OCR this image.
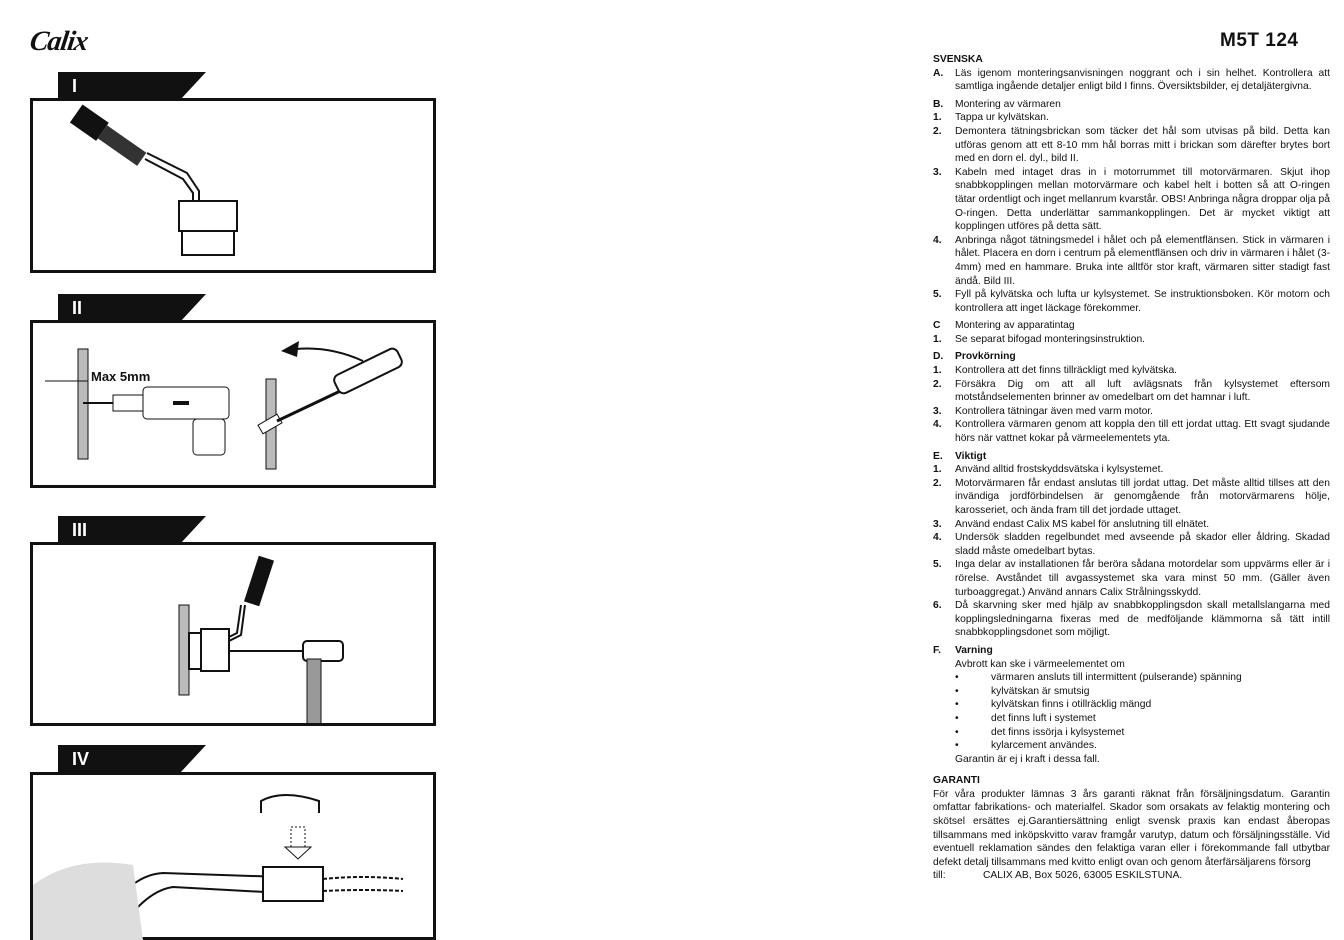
Calix
I
II
Max 5mm
III
IV
M5T 124
SVENSKA
A.	Läs igenom monteringsanvisningen noggrant och i sin helhet. Kontrollera att samtliga ingående detaljer enligt bild I finns. Översiktsbilder, ej detaljätergivna.
B.	Montering av värmaren
1.	Tappa ur kylvätskan.
2.	Demontera tätningsbrickan som täcker det hål som utvisas på bild. Detta kan utföras genom att ett 8-10 mm hål borras mitt i brickan som därefter brytes bort med en dorn el. dyl., bild II.
3.	Kabeln med intaget dras in i motorrummet till motorvärmaren. Skjut ihop snabbkopplingen mellan motorvärmare och kabel helt i botten så att O-ringen tätar ordentligt och inget mellanrum kvarstår. OBS! Anbringa några droppar olja på O-ringen. Detta underlättar sammankopplingen. Det är mycket viktigt att kopplingen utföres på detta sätt.
4.	Anbringa något tätningsmedel i hålet och på elementflänsen. Stick in värmaren i hålet. Placera en dorn i centrum på elementflänsen och driv in värmaren i hålet (3-4mm) med en hammare. Bruka inte alltför stor kraft, värmaren sitter stadigt fast ändå. Bild III.
5.	Fyll på kylvätska och lufta ur kylsystemet. Se instruktionsboken. Kör motorn och kontrollera att inget läckage förekommer.
C	Montering av apparatintag
1.	Se separat bifogad monteringsinstruktion.
D.	Provkörning
1.	Kontrollera att det finns tillräckligt med kylvätska.
2.	Försäkra Dig om att all luft avlägsnats från kylsystemet eftersom motståndselementen brinner av omedelbart om det hamnar i luft.
3.	Kontrollera tätningar även med varm motor.
4.	Kontrollera värmaren genom att koppla den till ett jordat uttag. Ett svagt sjudande hörs när vattnet kokar på värmeelementets yta.
E.	Viktigt
1.	Använd alltid frostskyddsvätska i kylsystemet.
2.	Motorvärmaren får endast anslutas till jordat uttag. Det måste alltid tillses att den invändiga jordförbindelsen är genomgående från motorvärmarens hölje, karosseriet, och ända fram till det jordade uttaget.
3.	Använd endast Calix MS kabel för anslutning till elnätet.
4.	Undersök sladden regelbundet med avseende på skador eller åldring. Skadad sladd måste omedelbart bytas.
5.	Inga delar av installationen får beröra sådana motordelar som uppvärms eller är i rörelse. Avståndet till avgassystemet ska vara minst 50 mm. (Gäller även turboaggregat.) Använd annars Calix Strålningsskydd.
6.	Då skarvning sker med hjälp av snabbkopplingsdon skall metallslangarna med kopplingsledningarna fixeras med de medföljande klämmorna så tätt intill snabbkopplingsdonet som möjligt.
F.	Varning
Avbrott kan ske i värmeelementet om
•	värmaren ansluts till intermittent (pulserande) spänning
•	kylvätskan är smutsig
•	kylvätskan finns i otillräcklig mängd
•	det finns luft i systemet
•	det finns issörja i kylsystemet
•	kylarcement användes.
Garantin är ej i kraft i dessa fall.
GARANTI
För våra produkter lämnas 3 års garanti räknat från försäljningsdatum. Garantin omfattar fabrikations- och materialfel. Skador som orsakats av felaktig montering och skötsel ersättes ej.Garantiersättning enligt svensk praxis kan endast åberopas tillsammans med inköpskvitto varav framgår varutyp, datum och försäljningsställe. Vid eventuell reklamation sändes den felaktiga varan eller i förekommande fall utbytbar defekt detalj tillsammans med kvitto enligt ovan och genom återfärsäljarens försorg
till:	CALIX AB, Box 5026, 63005 ESKILSTUNA.
